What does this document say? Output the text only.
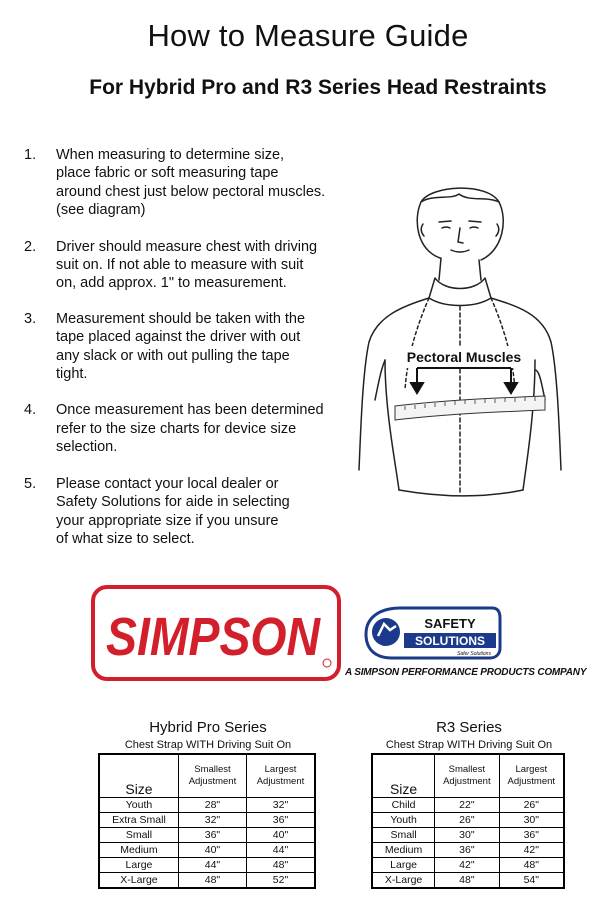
How to Measure Guide
For Hybrid Pro and R3 Series Head Restraints
1. When measuring to determine size,
place fabric or soft measuring tape
around chest just below pectoral muscles.
(see diagram)
2. Driver should measure chest with driving
suit on. If not able to measure with suit
on, add approx. 1" to measurement.
3. Measurement should be taken with the
tape placed against the driver with out
any slack or with out pulling the tape
tight.
4. Once measurement has been determined
refer to the size charts for device size
selection.
5. Please contact your local dealer or
Safety Solutions for aide in selecting
your appropriate size if you unsure
of what size to select.
Pectoral Muscles
SIMPSON	SAFETY
SOLUTIONS
Safer Solutions
A SIMPSON PERFORMANCE PRODUCTS COMPANY
Hybrid Pro Series
Chest Strap WITH Driving Suit On
Size	Smallest Adjustment	Largest Adjustment
Youth	28"	32"
Extra Small	32"	36"
Small	36"	40"
Medium	40"	44"
Large	44"	48"
X-Large	48"	52"
R3 Series
Chest Strap WITH Driving Suit On
Size	Smallest Adjustment	Largest Adjustment
Child	22"	26"
Youth	26"	30"
Small	30"	36"
Medium	36"	42"
Large	42"	48"
X-Large	48"	54"
